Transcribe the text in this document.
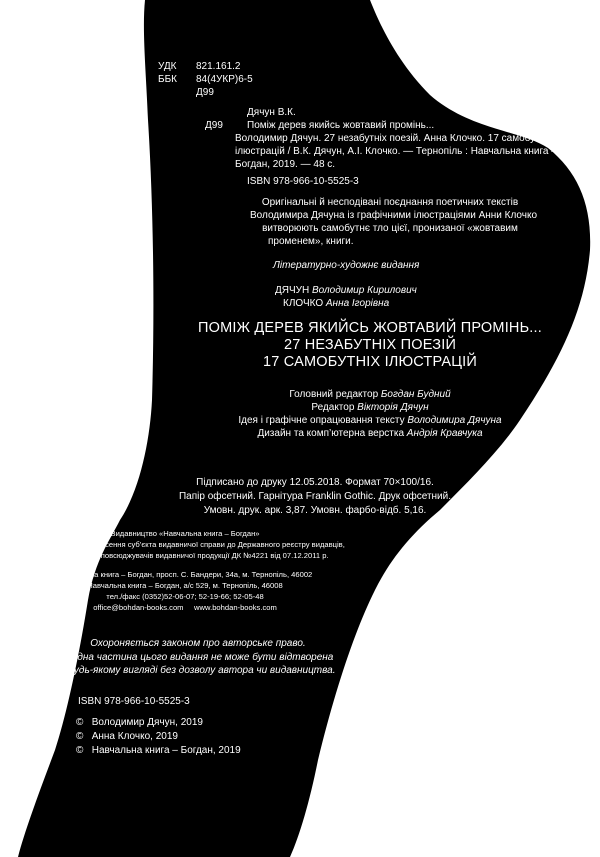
УДК 821.161.2
ББК 84(4УКР)6-5
Д99
Дячун В.К.
Д99 Поміж дерев якийсь жовтавий промінь...
Володимир Дячун. 27 незабутніх поезій. Анна Клочко. 17 самобутніх
ілюстрацій / В.К. Дячун, А.І. Клочко. — Тернопіль : Навчальна книга –
Богдан, 2019. — 48 с.
ISBN 978-966-10-5525-3
Оригінальні й несподівані поєднання поетичних текстів
Володимира Дячуна із графічними ілюстраціями Анни Клочко
витворюють самобутнє тло цієї, пронизаної «жовтавим
променем», книги.
Літературно-художнє видання
ДЯЧУН Володимир Кирилович
КЛОЧКО Анна Ігорівна
ПОМІЖ ДЕРЕВ ЯКИЙСЬ ЖОВТАВИЙ ПРОМІНЬ...
27 НЕЗАБУТНІХ ПОЕЗІЙ
17 САМОБУТНІХ ІЛЮСТРАЦІЙ
Головний редактор Богдан Будний
Редактор Вікторія Дячун
Ідея і графічне опрацювання тексту Володимира Дячуна
Дизайн та комп’ютерна верстка Андрія Кравчука
Підписано до друку 12.05.2018. Формат 70×100/16.
Папір офсетний. Гарнітура Franklin Gothic. Друк офсетний.
Умовн. друк. арк. 3,87. Умовн. фарбо-відб. 5,16.
Видавництво «Навчальна книга – Богдан»
Свідоцтво про внесення суб’єкта видавничої справи до Державного реєстру видавців,
виготівників і розповсюджувачів видавничої продукції ДК №4221 від 07.12.2011 р.
Навчальна книга – Богдан, просп. С. Бандери, 34а, м. Тернопіль, 46002
Навчальна книга – Богдан, а/с 529, м. Тернопіль, 46008
тел./факс (0352)52-06-07; 52-19-66; 52-05-48
office@bohdan-books.com     www.bohdan-books.com
Охороняється законом про авторське право.
Жодна частина цього видання не може бути відтворена
в будь-якому вигляді без дозволу автора чи видавництва.
ISBN 978-966-10-5525-3
© Володимир Дячун, 2019
© Анна Клочко, 2019
© Навчальна книга – Богдан, 2019
